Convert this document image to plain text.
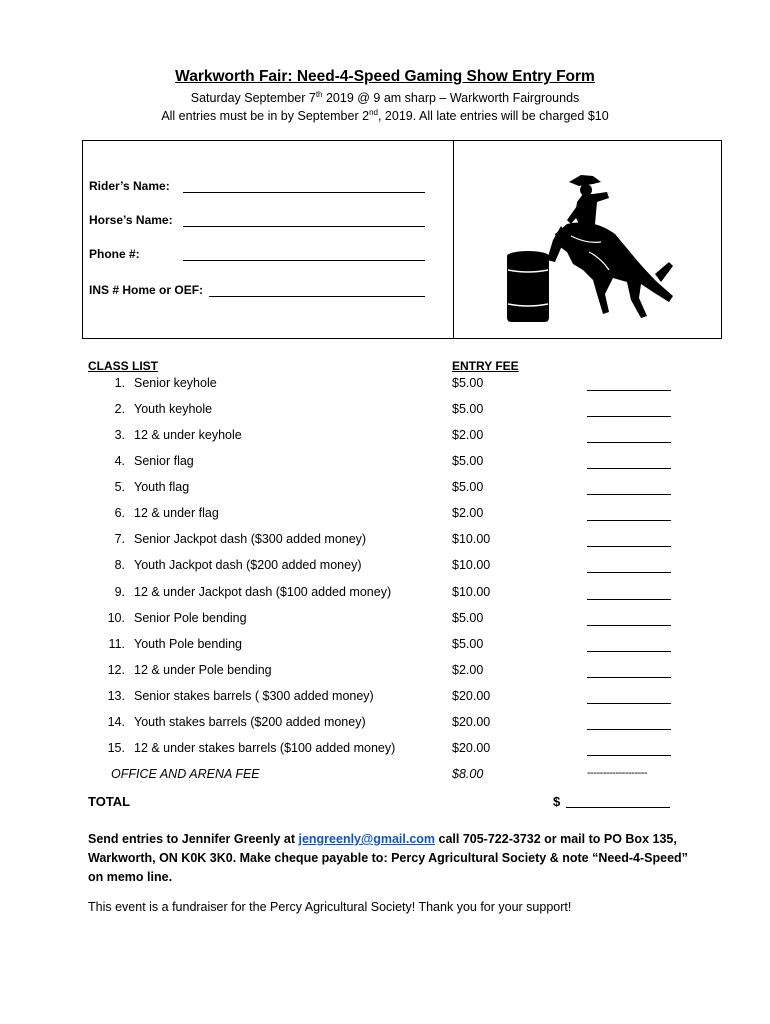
Warkworth Fair: Need-4-Speed Gaming Show Entry Form
Saturday September 7th 2019 @ 9 am sharp – Warkworth Fairgrounds
All entries must be in by September 2nd, 2019. All late entries will be charged $10
Rider’s Name:
Horse’s Name:
Phone #:
INS # Home or OEF:
CLASS LIST	ENTRY FEE
1. Senior keyhole	$5.00
2. Youth keyhole	$5.00
3. 12 & under keyhole	$2.00
4. Senior flag	$5.00
5. Youth flag	$5.00
6. 12 & under flag	$2.00
7. Senior Jackpot dash ($300 added money)	$10.00
8. Youth Jackpot dash ($200 added money)	$10.00
9. 12 & under Jackpot dash ($100 added money)	$10.00
10. Senior Pole bending	$5.00
11. Youth Pole bending	$5.00
12. 12 & under Pole bending	$2.00
13. Senior stakes barrels ( $300 added money)	$20.00
14. Youth stakes barrels ($200 added money)	$20.00
15. 12 & under stakes barrels ($100 added money)	$20.00
OFFICE AND ARENA FEE	$8.00	-------------------
TOTAL	$
Send entries to Jennifer Greenly at jengreenly@gmail.com call 705-722-3732 or mail to PO Box 135, Warkworth, ON K0K 3K0. Make cheque payable to: Percy Agricultural Society & note “Need-4-Speed” on memo line.
This event is a fundraiser for the Percy Agricultural Society! Thank you for your support!
